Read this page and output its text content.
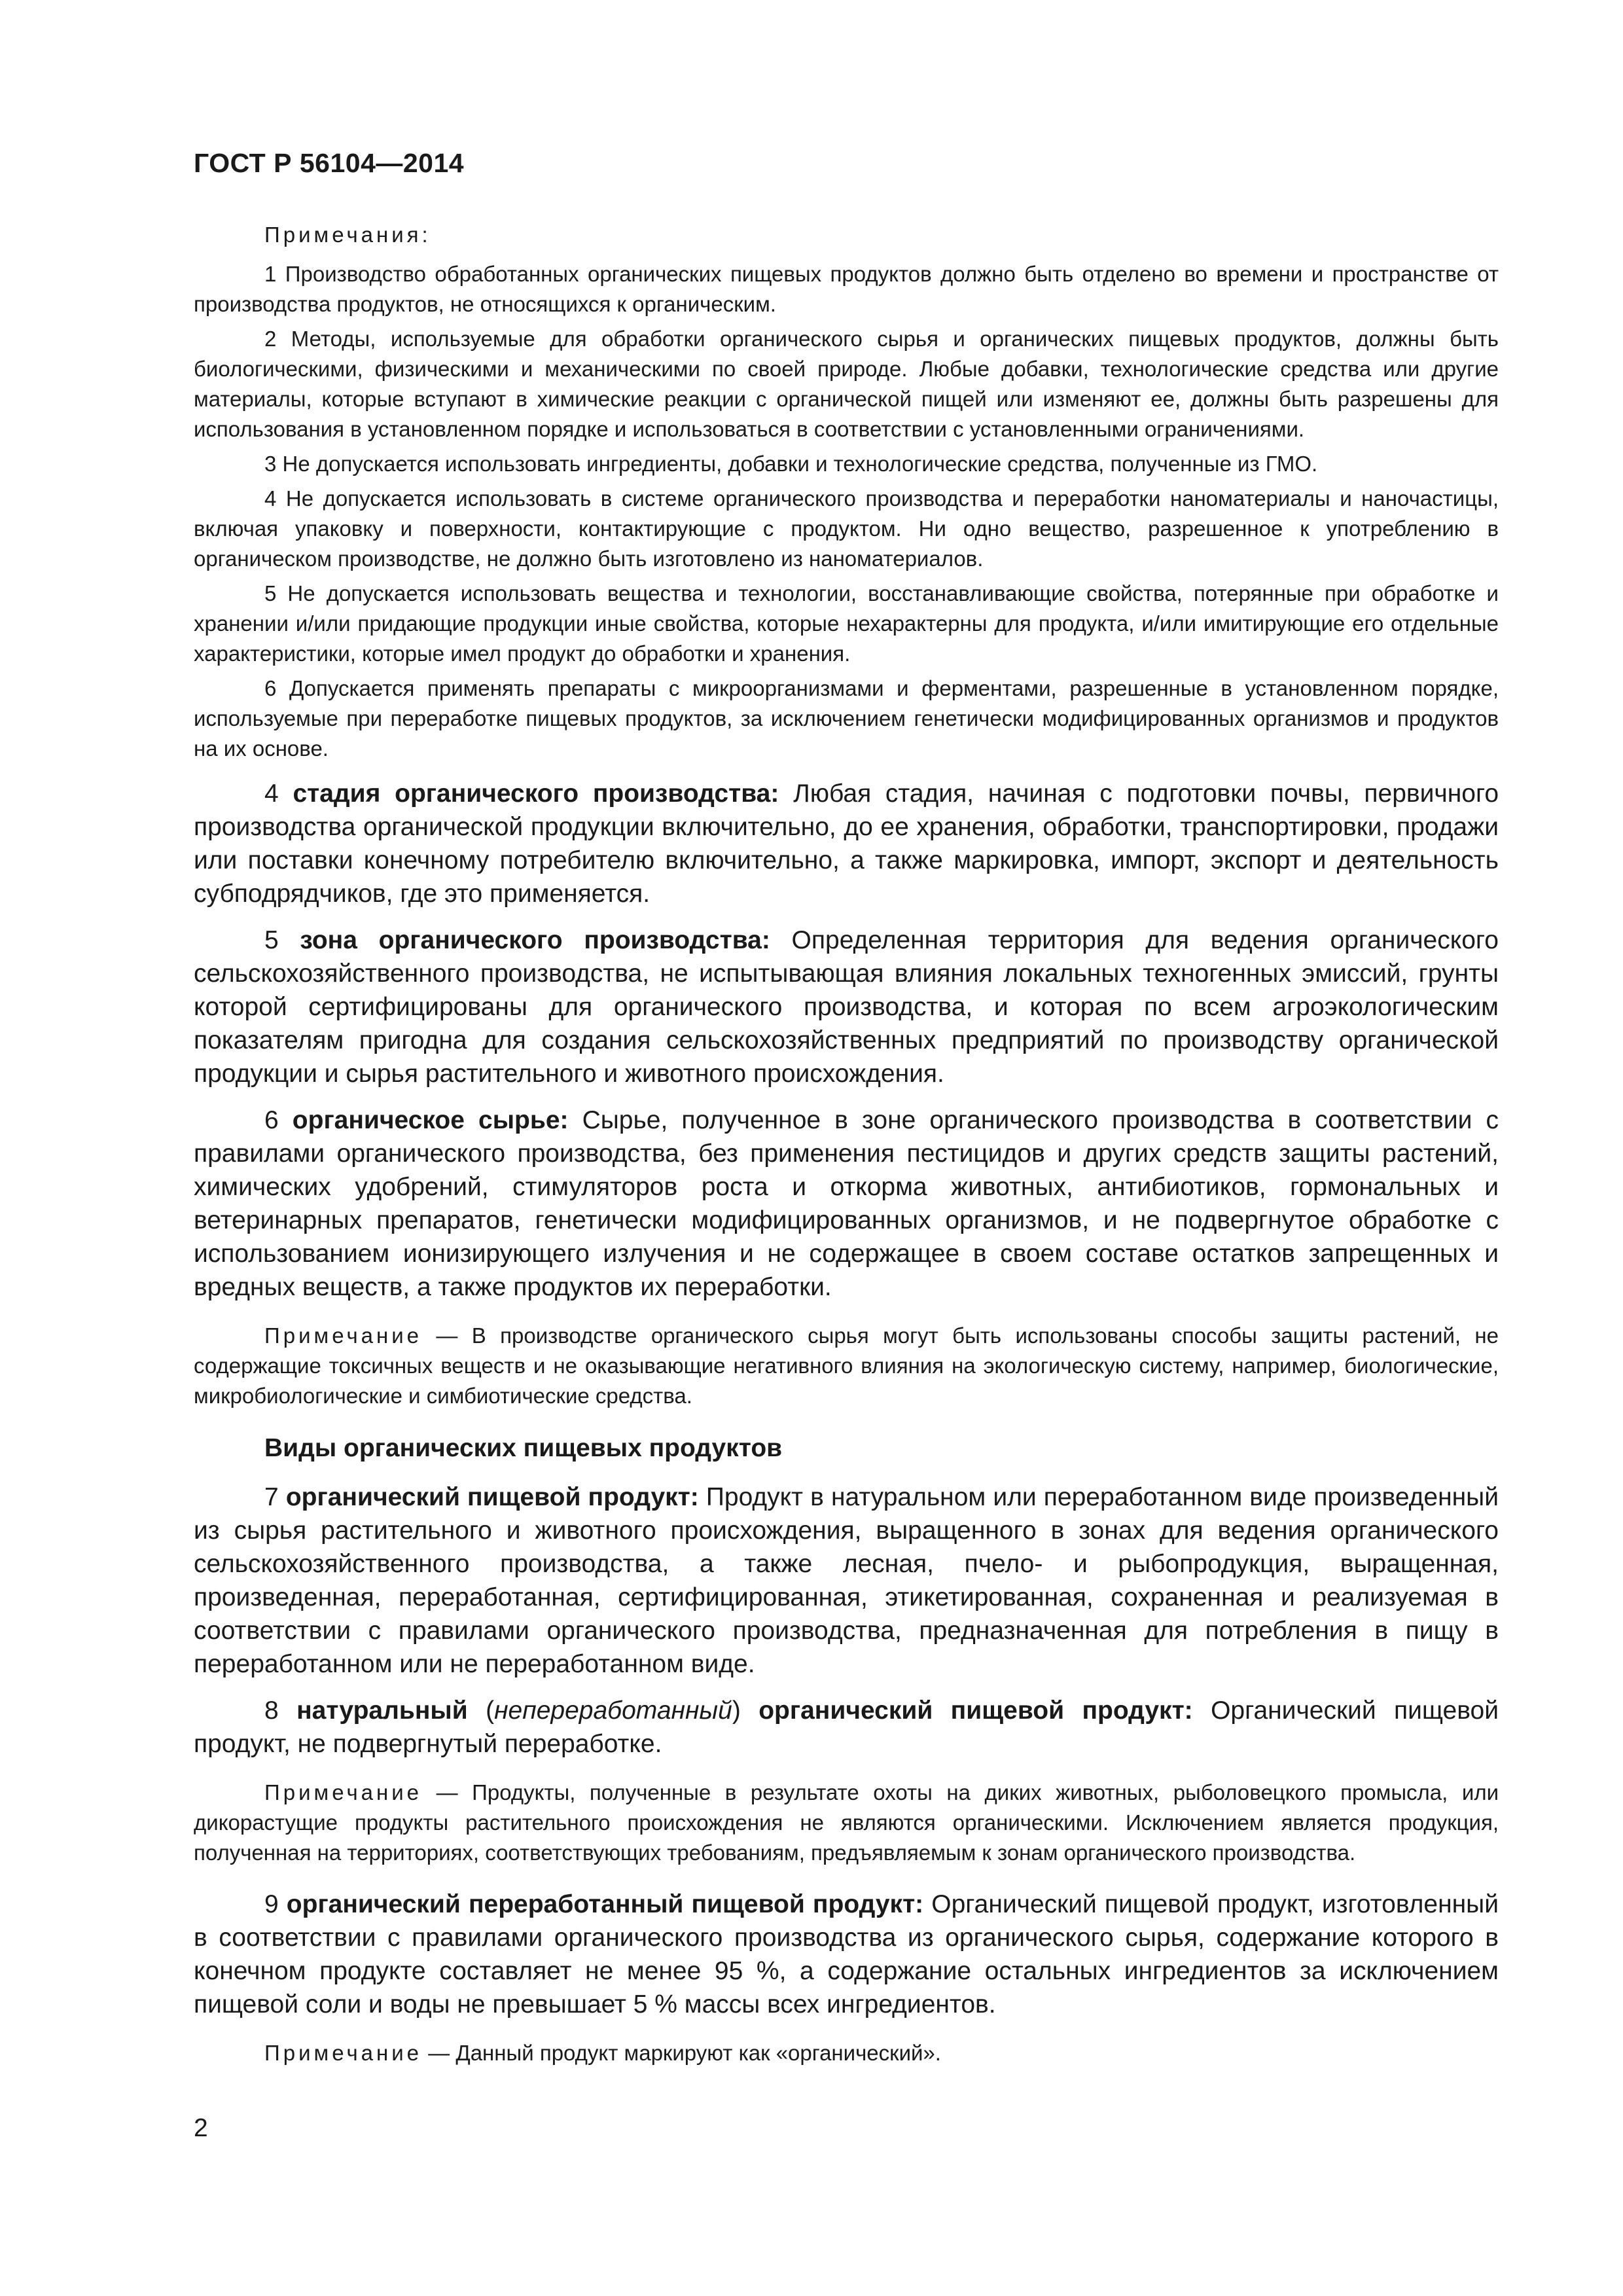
ГОСТ Р 56104—2014

Примечания:

1 Производство обработанных органических пищевых продуктов должно быть отделено во времени и пространстве от производства продуктов, не относящихся к органическим.

2 Методы, используемые для обработки органического сырья и органических пищевых продуктов, должны быть биологическими, физическими и механическими по своей природе. Любые добавки, технологические средства или другие материалы, которые вступают в химические реакции с органической пищей или изменяют ее, должны быть разрешены для использования в установленном порядке и использоваться в соответствии с установленными ограничениями.

3 Не допускается использовать ингредиенты, добавки и технологические средства, полученные из ГМО.

4 Не допускается использовать в системе органического производства и переработки наноматериалы и наночастицы, включая упаковку и поверхности, контактирующие с продуктом. Ни одно вещество, разрешенное к употреблению в органическом производстве, не должно быть изготовлено из наноматериалов.

5 Не допускается использовать вещества и технологии, восстанавливающие свойства, потерянные при обработке и хранении и/или придающие продукции иные свойства, которые нехарактерны для продукта, и/или имитирующие его отдельные характеристики, которые имел продукт до обработки и хранения.

6 Допускается применять препараты с микроорганизмами и ферментами, разрешенные в установленном порядке, используемые при переработке пищевых продуктов, за исключением генетически модифицированных организмов и продуктов на их основе.

4 стадия органического производства: Любая стадия, начиная с подготовки почвы, первичного производства органической продукции включительно, до ее хранения, обработки, транспортировки, продажи или поставки конечному потребителю включительно, а также маркировка, импорт, экспорт и деятельность субподрядчиков, где это применяется.

5 зона органического производства: Определенная территория для ведения органического сельскохозяйственного производства, не испытывающая влияния локальных техногенных эмиссий, грунты которой сертифицированы для органического производства, и которая по всем агроэкологическим показателям пригодна для создания сельскохозяйственных предприятий по производству органической продукции и сырья растительного и животного происхождения.

6 органическое сырье: Сырье, полученное в зоне органического производства в соответствии с правилами органического производства, без применения пестицидов и других средств защиты растений, химических удобрений, стимуляторов роста и откорма животных, антибиотиков, гормональных и ветеринарных препаратов, генетически модифицированных организмов, и не подвергнутое обработке с использованием ионизирующего излучения и не содержащее в своем составе остатков запрещенных и вредных веществ, а также продуктов их переработки.

Примечание — В производстве органического сырья могут быть использованы способы защиты растений, не содержащие токсичных веществ и не оказывающие негативного влияния на экологическую систему, например, биологические, микробиологические и симбиотические средства.

Виды органических пищевых продуктов

7 органический пищевой продукт: Продукт в натуральном или переработанном виде произведенный из сырья растительного и животного происхождения, выращенного в зонах для ведения органического сельскохозяйственного производства, а также лесная, пчело- и рыбопродукция, выращенная, произведенная, переработанная, сертифицированная, этикетированная, сохраненная и реализуемая в соответствии с правилами органического производства, предназначенная для потребления в пищу в переработанном или не переработанном виде.

8 натуральный (непереработанный) органический пищевой продукт: Органический пищевой продукт, не подвергнутый переработке.

Примечание — Продукты, полученные в результате охоты на диких животных, рыболовецкого промысла, или дикорастущие продукты растительного происхождения не являются органическими. Исключением является продукция, полученная на территориях, соответствующих требованиям, предъявляемым к зонам органического производства.

9 органический переработанный пищевой продукт: Органический пищевой продукт, изготовленный в соответствии с правилами органического производства из органического сырья, содержание которого в конечном продукте составляет не менее 95 %, а содержание остальных ингредиентов за исключением пищевой соли и воды не превышает 5 % массы всех ингредиентов.

Примечание — Данный продукт маркируют как «органический».

2
